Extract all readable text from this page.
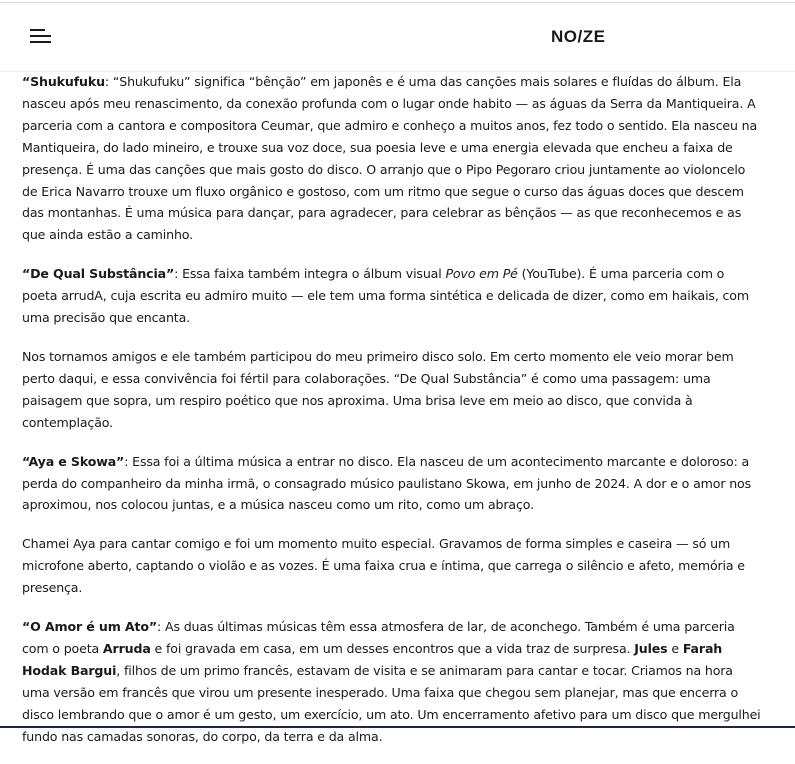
NO/ZE

“Shukufuku: “Shukufuku” significa “bênção” em japonês e é uma das canções mais solares e fluídas do álbum. Ela nasceu após meu renascimento, da conexão profunda com o lugar onde habito — as águas da Serra da Mantiqueira. A parceria com a cantora e compositora Ceumar, que admiro e conheço a muitos anos, fez todo o sentido. Ela nasceu na Mantiqueira, do lado mineiro, e trouxe sua voz doce, sua poesia leve e uma energia elevada que encheu a faixa de presença. É uma das canções que mais gosto do disco. O arranjo que o Pipo Pegoraro criou juntamente ao violoncelo de Erica Navarro trouxe um fluxo orgânico e gostoso, com um ritmo que segue o curso das águas doces que descem das montanhas. É uma música para dançar, para agradecer, para celebrar as bênçãos — as que reconhecemos e as que ainda estão a caminho.

“De Qual Substância”: Essa faixa também integra o álbum visual Povo em Pé (YouTube). É uma parceria com o poeta arrudA, cuja escrita eu admiro muito — ele tem uma forma sintética e delicada de dizer, como em haikais, com uma precisão que encanta.

Nos tornamos amigos e ele também participou do meu primeiro disco solo. Em certo momento ele veio morar bem perto daqui, e essa convivência foi fértil para colaborações. “De Qual Substância” é como uma passagem: uma paisagem que sopra, um respiro poético que nos aproxima. Uma brisa leve em meio ao disco, que convida à contemplação.

“Aya e Skowa”: Essa foi a última música a entrar no disco. Ela nasceu de um acontecimento marcante e doloroso: a perda do companheiro da minha irmã, o consagrado músico paulistano Skowa, em junho de 2024. A dor e o amor nos aproximou, nos colocou juntas, e a música nasceu como um rito, como um abraço.

Chamei Aya para cantar comigo e foi um momento muito especial. Gravamos de forma simples e caseira — só um microfone aberto, captando o violão e as vozes. É uma faixa crua e íntima, que carrega o silêncio e afeto, memória e presença.

“O Amor é um Ato”: As duas últimas músicas têm essa atmosfera de lar, de aconchego. Também é uma parceria com o poeta Arruda e foi gravada em casa, em um desses encontros que a vida traz de surpresa. Jules e Farah Hodak Bargui, filhos de um primo francês, estavam de visita e se animaram para cantar e tocar. Criamos na hora uma versão em francês que virou um presente inesperado. Uma faixa que chegou sem planejar, mas que encerra o disco lembrando que o amor é um gesto, um exercício, um ato. Um encerramento afetivo para um disco que mergulhei fundo nas camadas sonoras, do corpo, da terra e da alma.
